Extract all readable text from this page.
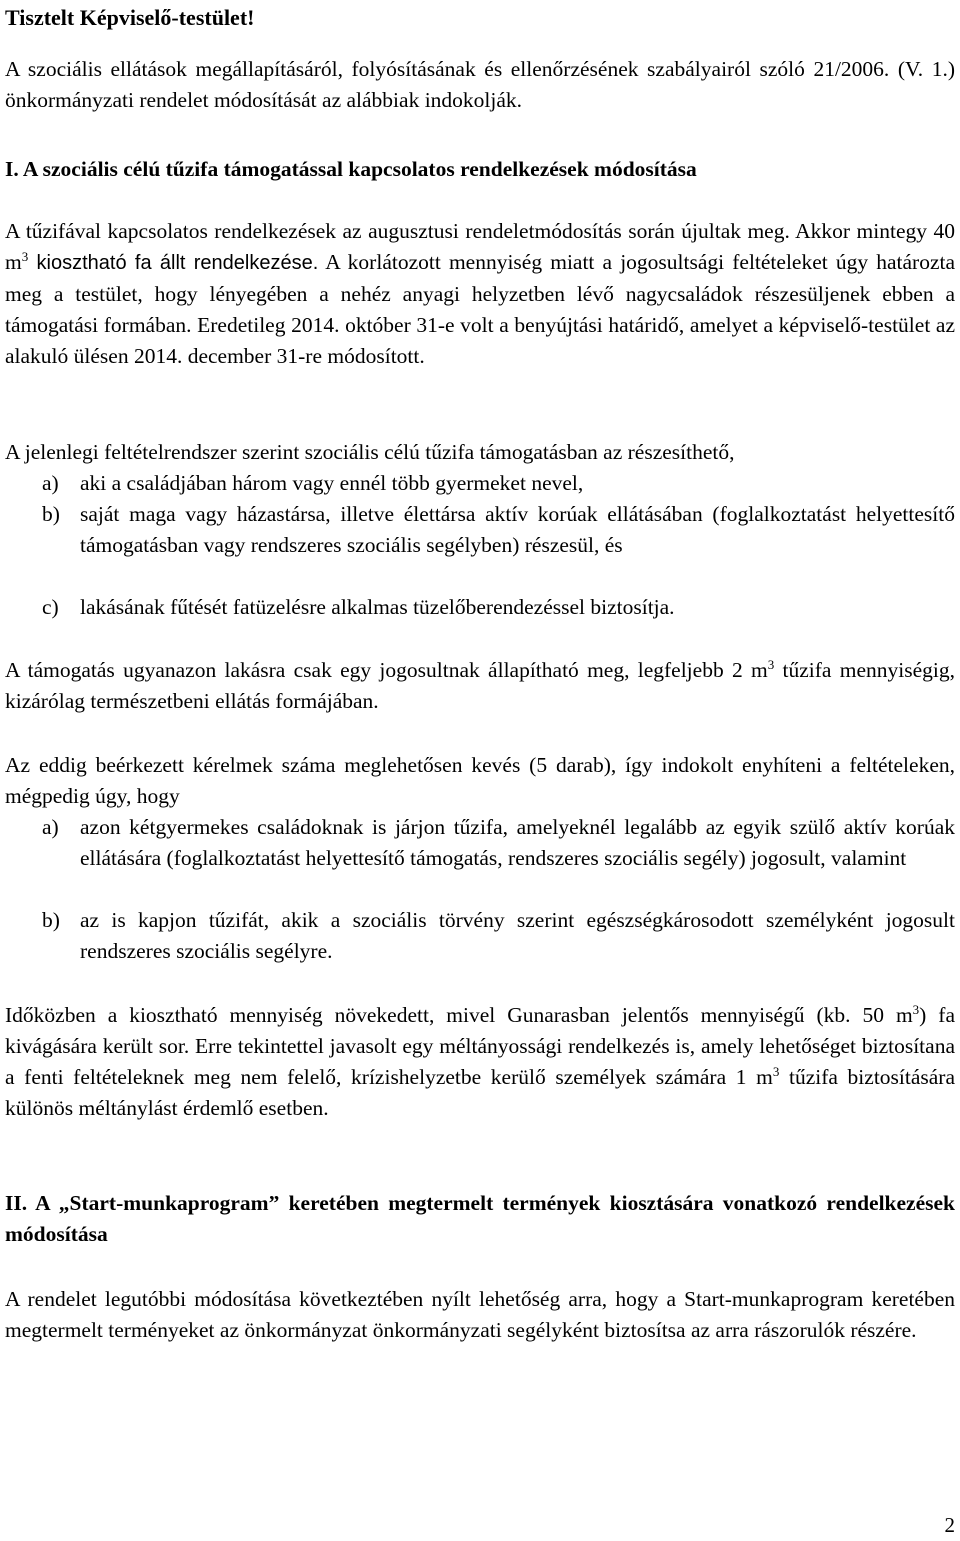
Tisztelt Képviselő-testület!

A szociális ellátások megállapításáról, folyósításának és ellenőrzésének szabályairól szóló 21/2006. (V. 1.) önkormányzati rendelet módosítását az alábbiak indokolják.

I. A szociális célú tűzifa támogatással kapcsolatos rendelkezések módosítása

A tűzifával kapcsolatos rendelkezések az augusztusi rendeletmódosítás során újultak meg. Akkor mintegy 40 $m^3$ kiosztható fa állt rendelkezése. A korlátozott mennyiség miatt a jogosultsági feltételeket úgy határozta meg a testület, hogy lényegében a nehéz anyagi helyzetben lévő nagycsaládok részesüljenek ebben a támogatási formában. Eredetileg 2014. október 31-e volt a benyújtási határidő, amelyet a képviselő-testület az alakuló ülésen 2014. december 31-re módosított.

A jelenlegi feltételrendszer szerint szociális célú tűzifa támogatásban az részesíthető,

a) aki a családjában három vagy ennél több gyermeket nevel,
b) saját maga vagy házastársa, illetve élettársa aktív korúak ellátásában (foglalkoztatást helyettesítő támogatásban vagy rendszeres szociális segélyben) részesül, és
c) lakásának fűtését fatüzelésre alkalmas tüzelőberendezéssel biztosítja.

A támogatás ugyanazon lakásra csak egy jogosultnak állapítható meg, legfeljebb 2 $m^3$ tűzifa mennyiségig, kizárólag természetbeni ellátás formájában.

Az eddig beérkezett kérelmek száma meglehetősen kevés (5 darab), így indokolt enyhíteni a feltételeken, mégpedig úgy, hogy

a) azon kétgyermekes családoknak is járjon tűzifa, amelyeknél legalább az egyik szülő aktív korúak ellátására (foglalkoztatást helyettesítő támogatás, rendszeres szociális segély) jogosult, valamint
b) az is kapjon tűzifát, akik a szociális törvény szerint egészségkárosodott személyként jogosult rendszeres szociális segélyre.

Időközben a kiosztható mennyiség növekedett, mivel Gunarasban jelentős mennyiségű (kb. 50 $m^3$) fa kivágására került sor. Erre tekintettel javasolt egy méltányossági rendelkezés is, amely lehetőséget biztosítana a fenti feltételeknek meg nem felelő, krízishelyzetbe kerülő személyek számára 1 $m^3$ tűzifa biztosítására különös méltánylást érdemlő esetben.

II. A „Start-munkaprogram” keretében megtermelt termények kiosztására vonatkozó rendelkezések módosítása

A rendelet legutóbbi módosítása következtében nyílt lehetőség arra, hogy a Start-munkaprogram keretében megtermelt terményeket az önkormányzat önkormányzati segélyként biztosítsa az arra rászorulók részére.

2
